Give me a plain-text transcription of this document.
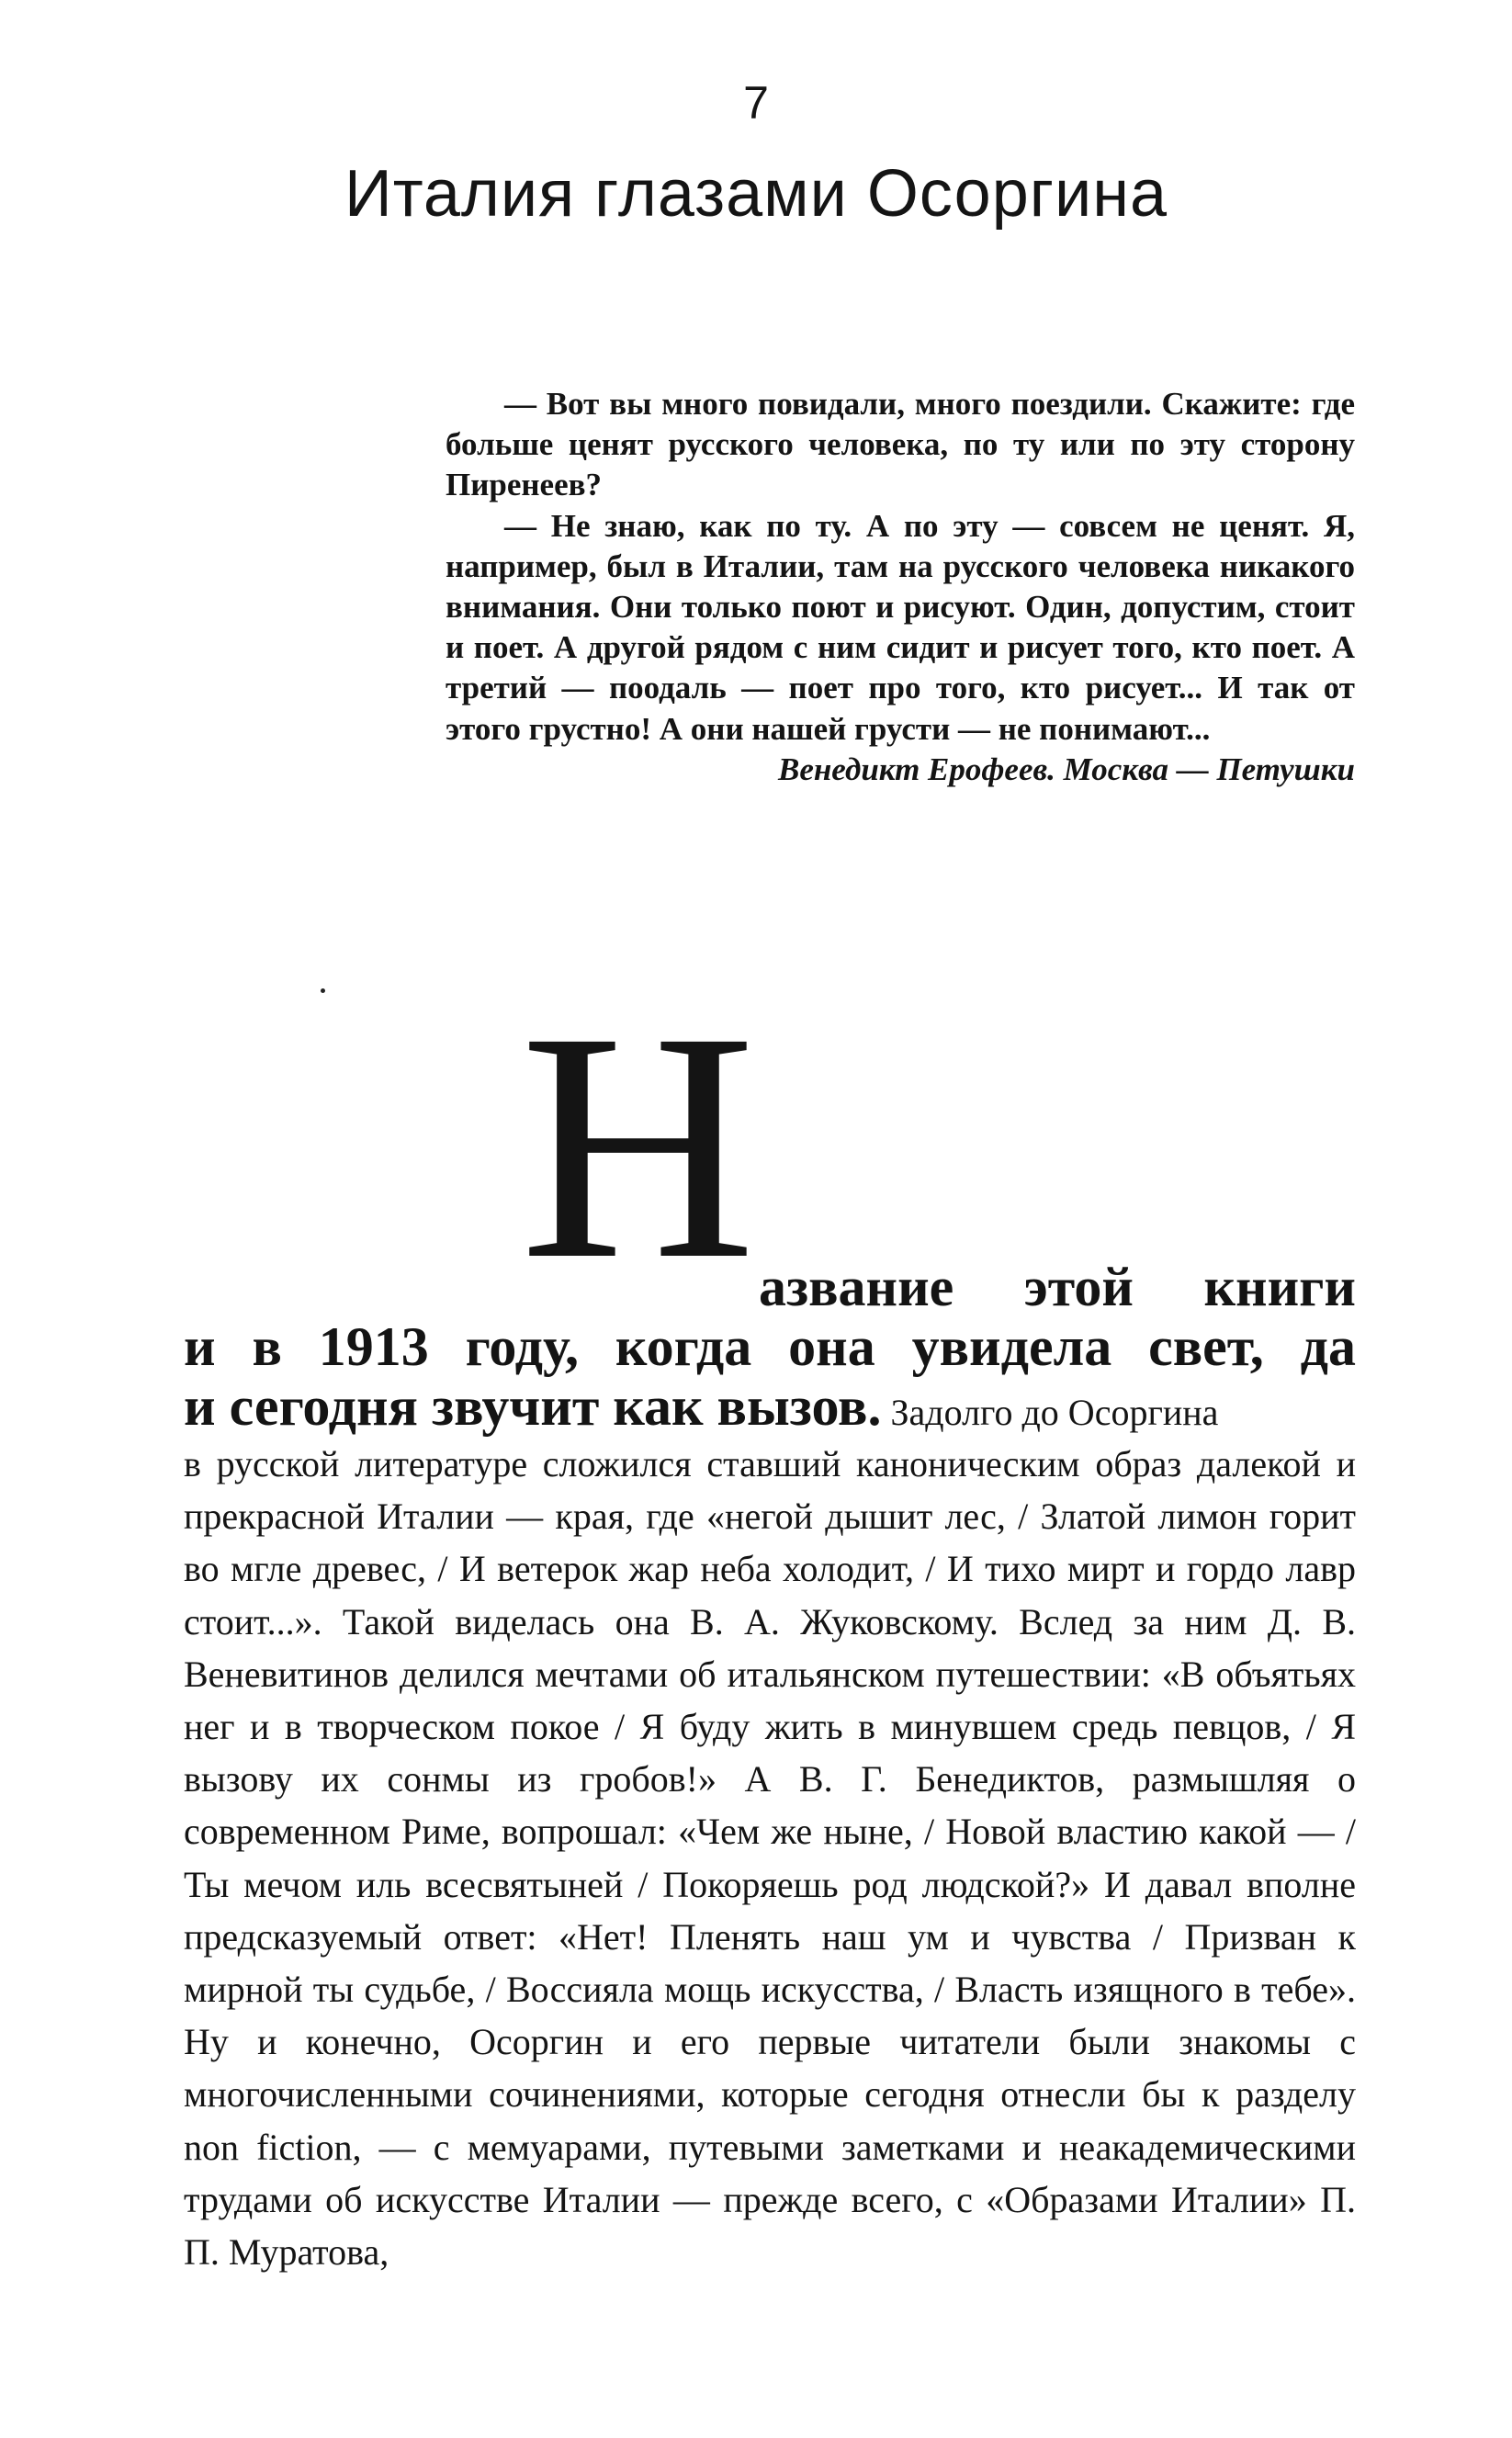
7
Италия глазами Осоргина

— Вот вы много повидали, много поездили. Скажите: где больше ценят русского человека, по ту или по эту сторону Пиренеев?

— Не знаю, как по ту. А по эту — совсем не ценят. Я, например, был в Италии, там на русского человека никакого внимания. Они только поют и рисуют. Один, допустим, стоит и поет. А другой рядом с ним сидит и рисует того, кто поет. А третий — поодаль — поет про того, кто рисует... И так от этого грустно! А они нашей грусти — не понимают...

Венедикт Ерофеев. Москва — Петушки

Н азвание этой книги
и в 1913 году, когда она увидела свет, да
и сегодня звучит как вызов. Задолго до Осоргина

в русской литературе сложился ставший каноническим образ далекой и прекрасной Италии — края, где «негой дышит лес, / Златой лимон горит во мгле древес, / И ветерок жар неба холодит, / И тихо мирт и гордо лавр стоит...». Такой виделась она В. А. Жуковскому. Вслед за ним Д. В. Веневитинов делился мечтами об итальянском путешествии: «В объятьях нег и в творческом покое / Я буду жить в минувшем средь певцов, / Я вызову их сонмы из гробов!» А В. Г. Бенедиктов, размышляя о современном Риме, вопрошал: «Чем же ныне, / Новой властию какой — / Ты мечом иль всесвятыней / Покоряешь род людской?» И давал вполне предсказуемый ответ: «Нет! Пленять наш ум и чувства / Призван к мирной ты судьбе, / Воссияла мощь искусства, / Власть изящного в тебе». Ну и конечно, Осоргин и его первые читатели были знакомы с многочисленными сочинениями, которые сегодня отнесли бы к разделу non fiction, — с мемуарами, путевыми заметками и неакадемическими трудами об искусстве Италии — прежде всего, с «Образами Италии» П. П. Муратова,
